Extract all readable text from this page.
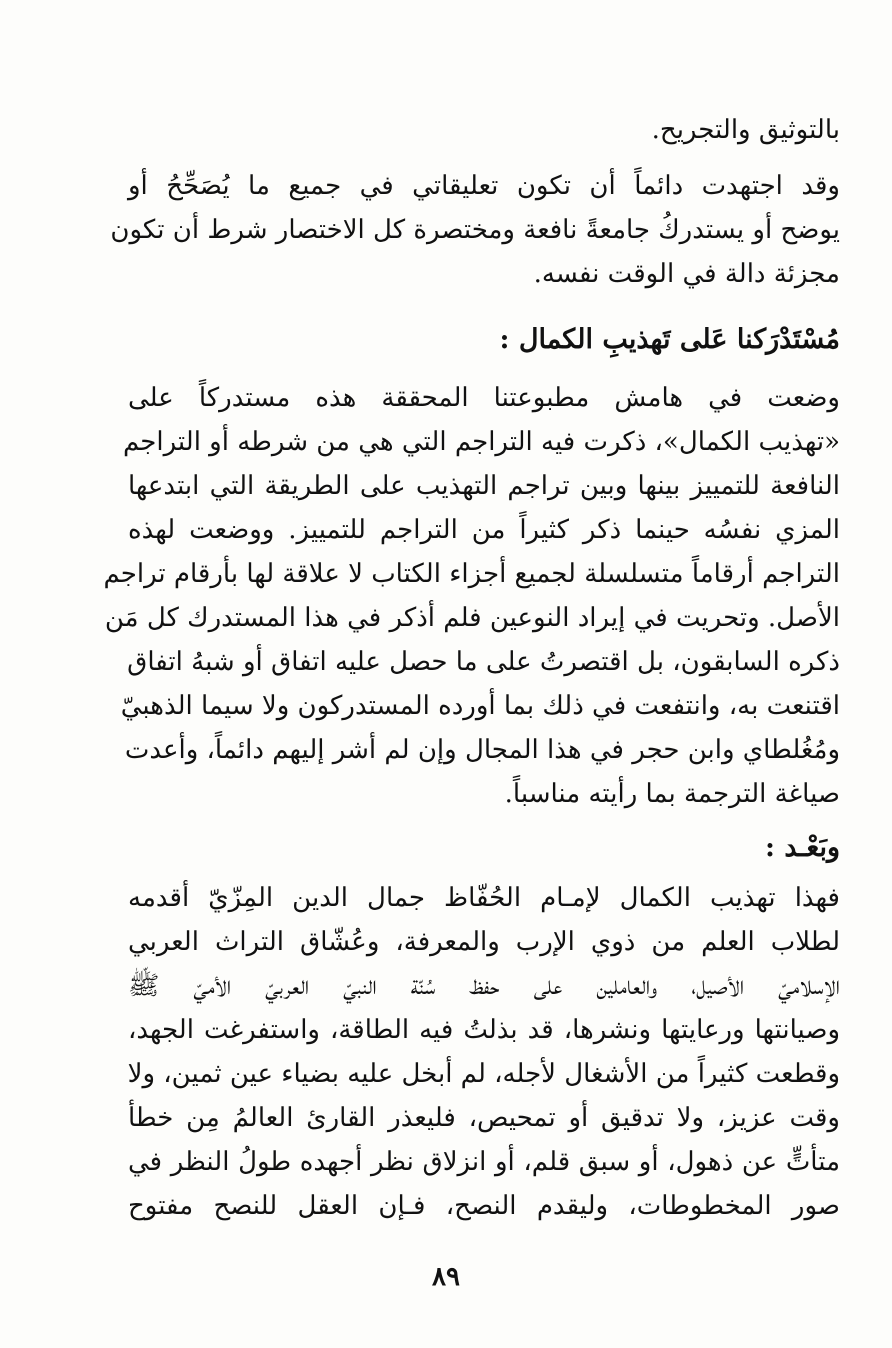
بالتوثيق والتجريح.
وقد اجتهدت دائماً أن تكون تعليقاتي في جميع ما يُصَحِّحُ أو
يوضح أو يستدركُ جامعةً نافعة ومختصرة كل الاختصار شرط أن تكون
مجزئة دالة في الوقت نفسه.
مُسْتَدْرَكنا عَلى تَهذيبِ الكمال :
وضعت في هامش مطبوعتنا المحققة هذه مستدركاً على
«تهذيب الكمال»، ذكرت فيه التراجم التي هي من شرطه أو التراجم
النافعة للتمييز بينها وبين تراجم التهذيب على الطريقة التي ابتدعها
المزي نفسُه حينما ذكر كثيراً من التراجم للتمييز. ووضعت لهذه
التراجم أرقاماً متسلسلة لجميع أجزاء الكتاب لا علاقة لها بأرقام تراجم
الأصل. وتحريت في إيراد النوعين فلم أذكر في هذا المستدرك كل مَن
ذكره السابقون، بل اقتصرتُ على ما حصل عليه اتفاق أو شبهُ اتفاق
اقتنعت به، وانتفعت في ذلك بما أورده المستدركون ولا سيما الذهبيّ
ومُغُلطاي وابن حجر في هذا المجال وإن لم أشر إليهم دائماً، وأعدت
صياغة الترجمة بما رأيته مناسباً.
وبَعْـد :
فهذا تهذيب الكمال لإمـام الحُفّاظ جمال الدين المِزّيّ أقدمه
لطلاب العلم من ذوي الإرب والمعرفة، وعُشّاق التراث العربي
الإسلاميّ الأصيل، والعاملين على حفظ سُنّة النبيّ العربيّ الأميّ ﷺ
وصيانتها ورعايتها ونشرها، قد بذلتُ فيه الطاقة، واستفرغت الجهد،
وقطعت كثيراً من الأشغال لأجله، لم أبخل عليه بضياء عين ثمين، ولا
وقت عزيز، ولا تدقيق أو تمحيص، فليعذر القارئ العالمُ مِن خطأ
متأتٍّ عن ذهول، أو سبق قلم، أو انزلاق نظر أجهده طولُ النظر في
صور المخطوطات، وليقدم النصح، فـإن العقل للنصح مفتوح
٨٩
